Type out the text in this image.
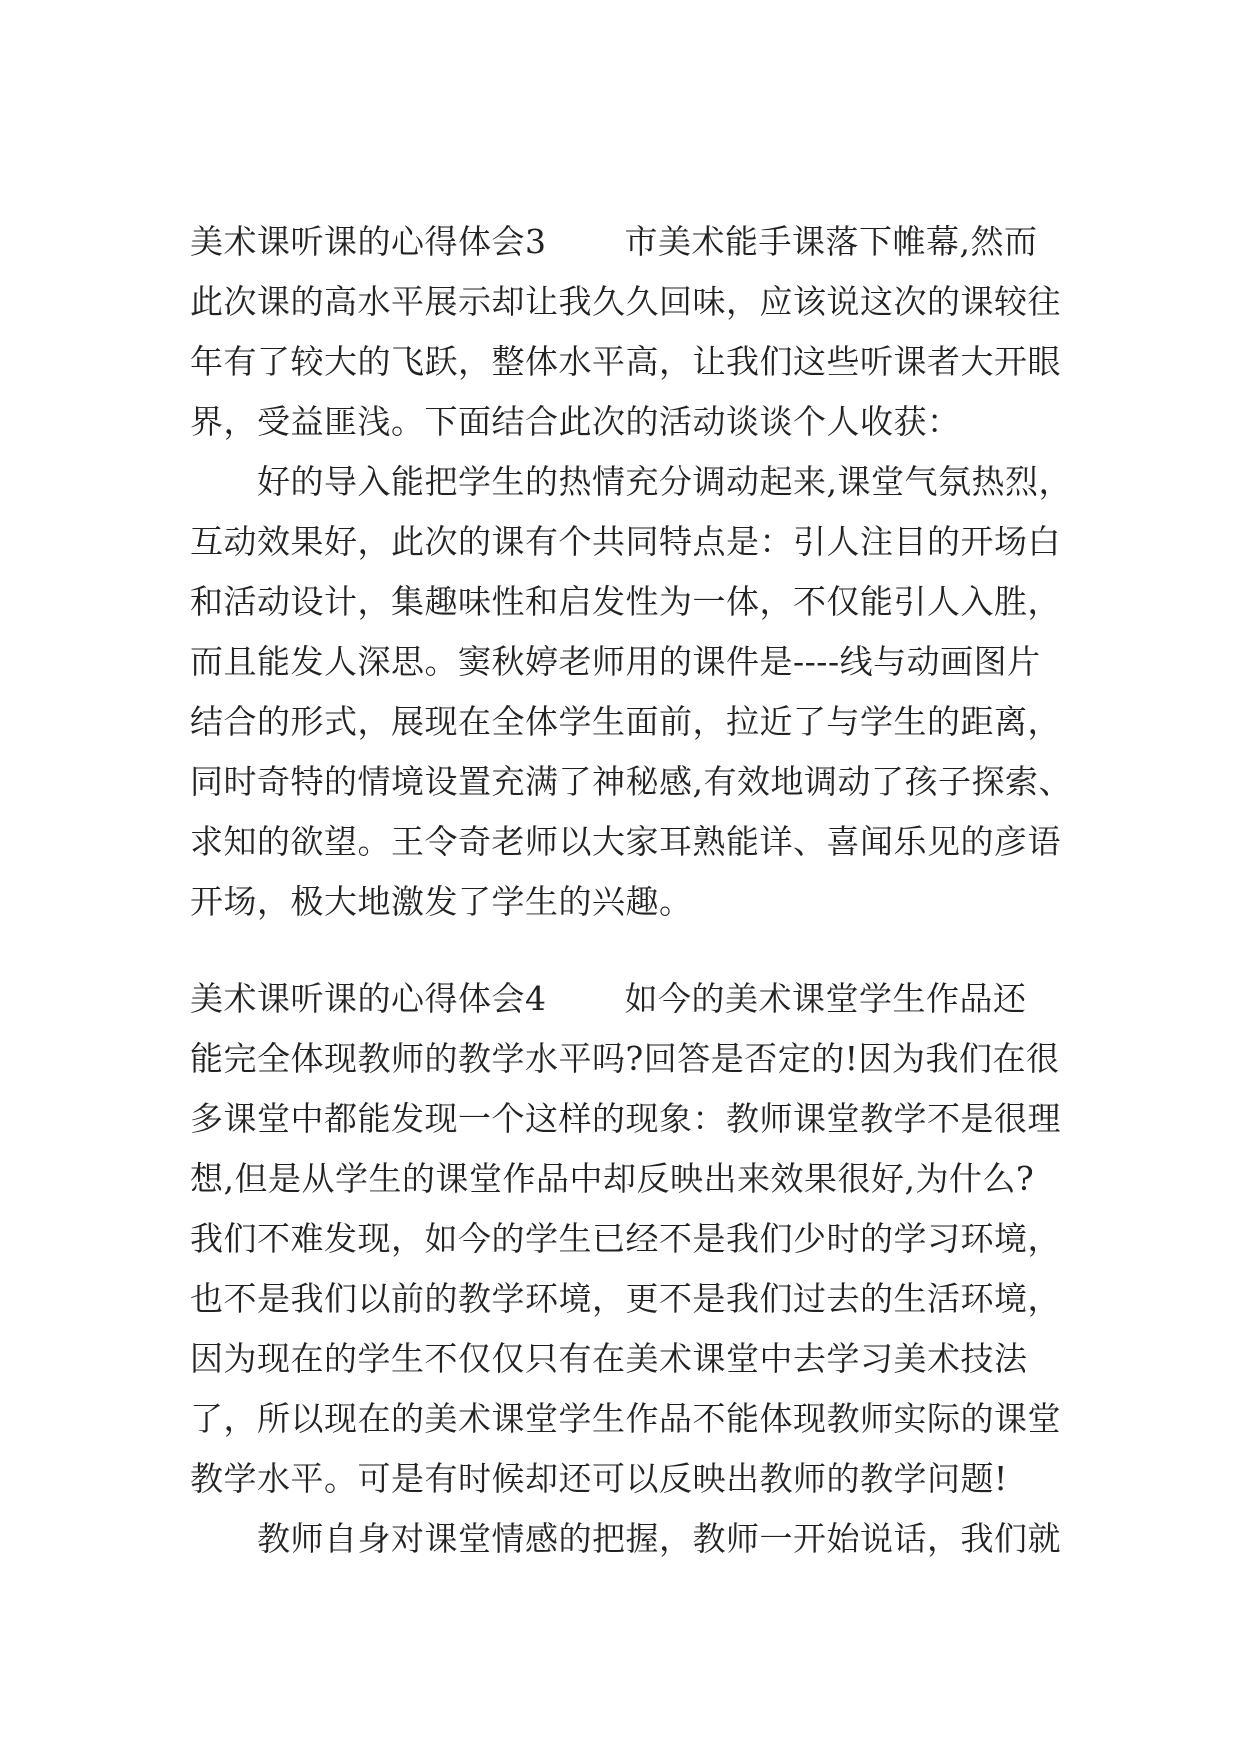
美术课听课的心得体会3 市美术能手课落下帷幕,然而
此次课的高水平展示却让我久久回味，应该说这次的课较往
年有了较大的飞跃，整体水平高，让我们这些听课者大开眼
界，受益匪浅。下面结合此次的活动谈谈个人收获：
好的导入能把学生的热情充分调动起来,课堂气氛热烈，
互动效果好，此次的课有个共同特点是：引人注目的开场白
和活动设计，集趣味性和启发性为一体，不仅能引人入胜，
而且能发人深思。窦秋婷老师用的课件是----线与动画图片
结合的形式，展现在全体学生面前，拉近了与学生的距离，
同时奇特的情境设置充满了神秘感,有效地调动了孩子探索、
求知的欲望。王令奇老师以大家耳熟能详、喜闻乐见的彦语
开场，极大地激发了学生的兴趣。
美术课听课的心得体会4 如今的美术课堂学生作品还
能完全体现教师的教学水平吗?回答是否定的!因为我们在很
多课堂中都能发现一个这样的现象：教师课堂教学不是很理
想,但是从学生的课堂作品中却反映出来效果很好,为什么?
我们不难发现，如今的学生已经不是我们少时的学习环境，
也不是我们以前的教学环境，更不是我们过去的生活环境，
因为现在的学生不仅仅只有在美术课堂中去学习美术技法
了，所以现在的美术课堂学生作品不能体现教师实际的课堂
教学水平。可是有时候却还可以反映出教师的教学问题!
教师自身对课堂情感的把握，教师一开始说话，我们就
